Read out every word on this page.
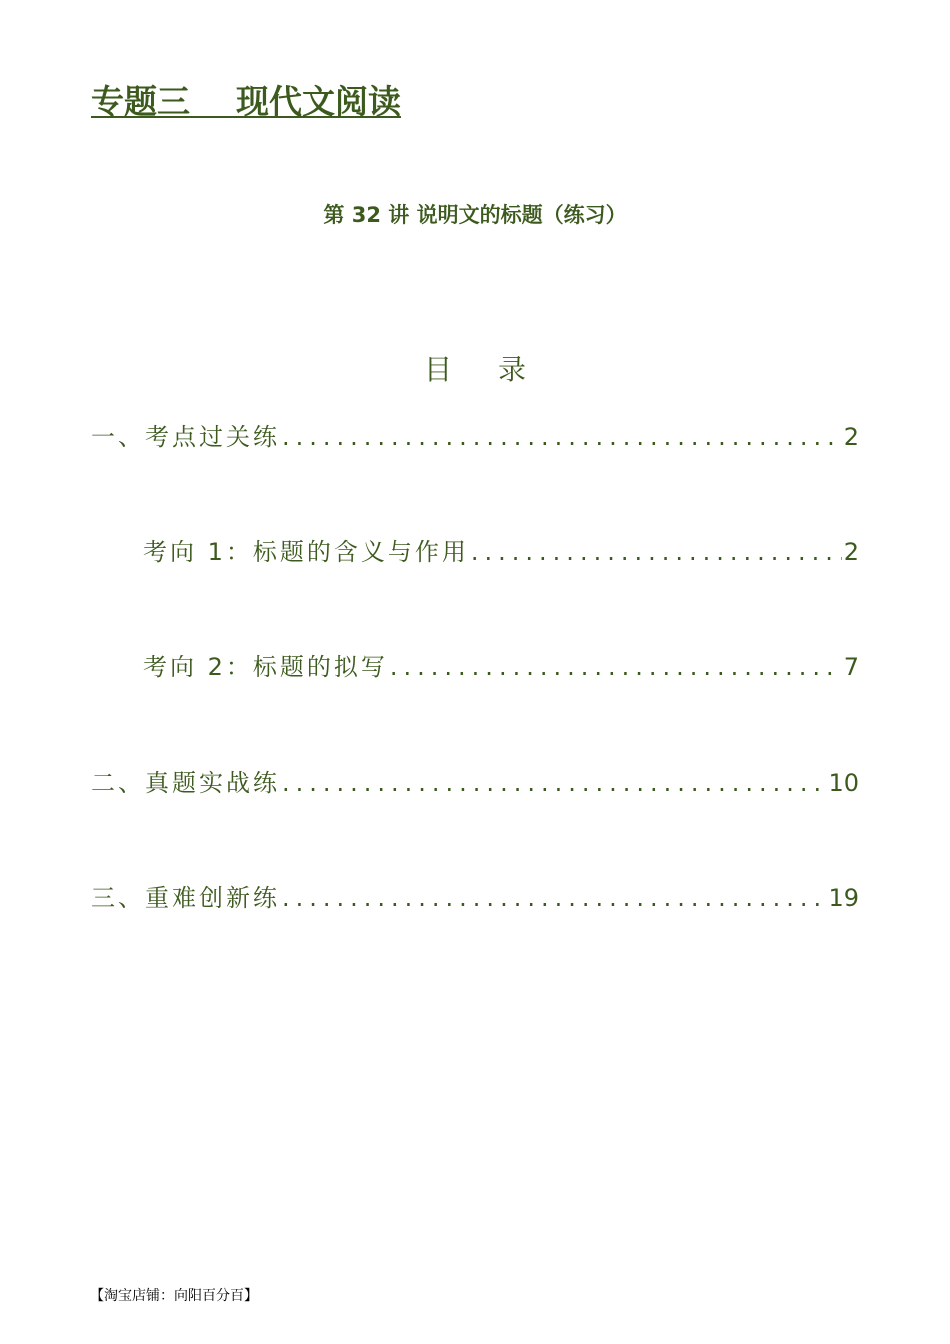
专题三    现代文阅读
第 32 讲 说明文的标题（练习）
目录
一、考点过关练 .....	2
考向 1：标题的含义与作用 .....	2
考向 2：标题的拟写 .....	7
二、真题实战练 .....	10
三、重难创新练 .....	19
【淘宝店铺：向阳百分百】
